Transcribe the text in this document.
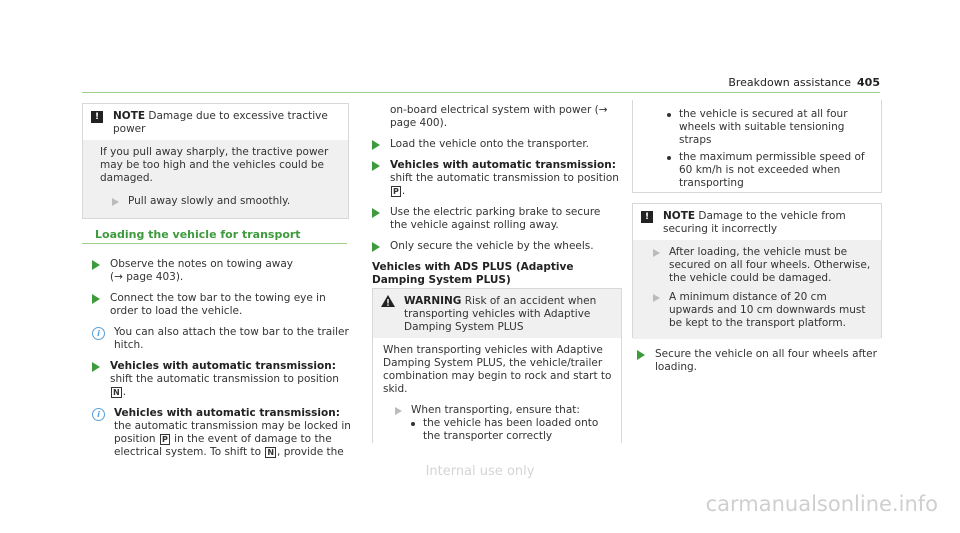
Breakdown assistance 405
!	NOTE Damage due to excessive tractive power
If you pull away sharply, the tractive power may be too high and the vehicles could be damaged.
Pull away slowly and smoothly.
Loading the vehicle for transport
Observe the notes on towing away
(→ page 403).
Connect the tow bar to the towing eye in order to load the vehicle.
i	You can also attach the tow bar to the trailer hitch.
Vehicles with automatic transmission: shift the automatic transmission to position N .
i	Vehicles with automatic transmission: the automatic transmission may be locked in position P in the event of damage to the electrical system. To shift to N , provide the
on-board electrical system with power (→ page 400).
Load the vehicle onto the transporter.
Vehicles with automatic transmission: shift the automatic transmission to position P .
Use the electric parking brake to secure the vehicle against rolling away.
Only secure the vehicle by the wheels.
Vehicles with ADS PLUS (Adaptive Damping System PLUS)
WARNING Risk of an accident when transporting vehicles with Adaptive Damping System PLUS
When transporting vehicles with Adaptive Damping System PLUS, the vehicle/trailer combination may begin to rock and start to skid.
When transporting, ensure that:
the vehicle has been loaded onto the transporter correctly
the vehicle is secured at all four wheels with suitable tensioning straps
the maximum permissible speed of 60 km/h is not exceeded when transporting
!	NOTE Damage to the vehicle from securing it incorrectly
After loading, the vehicle must be secured on all four wheels. Otherwise, the vehicle could be damaged.
A minimum distance of 20 cm upwards and 10 cm downwards must be kept to the transport platform.
Secure the vehicle on all four wheels after loading.
Internal use only
carmanualsonline.info
